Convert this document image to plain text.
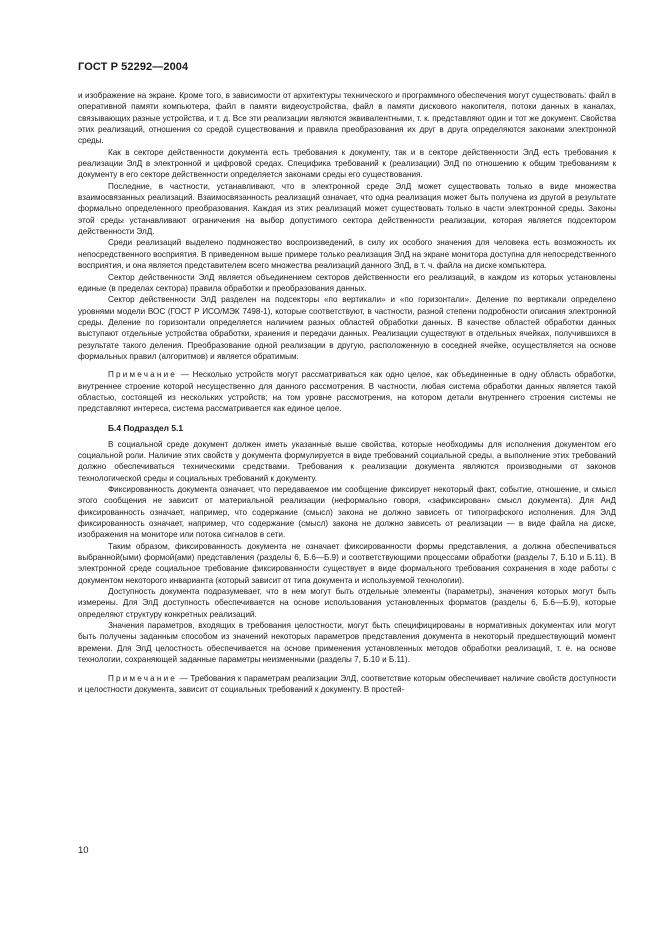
ГОСТ Р 52292—2004

и изображение на экране. Кроме того, в зависимости от архитектуры технического и программного обеспечения могут существовать: файл в оперативной памяти компьютера, файл в памяти видеоустройства, файл в памяти дискового накопителя, потоки данных в каналах, связывающих разные устройства, и т. д. Все эти реализации являются эквивалентными, т. к. представляют один и тот же документ. Свойства этих реализаций, отношения со средой существования и правила преобразования их друг в друга определяются законами электронной среды.

Как в секторе действенности документа есть требования к документу, так и в секторе действенности ЭлД есть требования к реализации ЭлД в электронной и цифровой средах. Специфика требований к (реализации) ЭлД по отношению к общим требованиям к документу в его секторе действенности определяется законами среды его существования.

Последние, в частности, устанавливают, что в электронной среде ЭлД может существовать только в виде множества взаимосвязанных реализаций. Взаимосвязанность реализаций означает, что одна реализация может быть получена из другой в результате формально определенного преобразования. Каждая из этих реализаций может существовать только в части электронной среды. Законы этой среды устанавливают ограничения на выбор допустимого сектора действенности реализации, которая является подсектором действенности ЭлД.

Среди реализаций выделено подмножество воспроизведений, в силу их особого значения для человека есть возможность их непосредственного восприятия. В приведенном выше примере только реализация ЭлД на экране монитора доступна для непосредственного восприятия, и она является представителем всего множества реализаций данного ЭлД, в т. ч. файла на диске компьютера.

Сектор действенности ЭлД является объединением секторов действенности его реализаций, в каждом из которых установлены единые (в пределах сектора) правила обработки и преобразования данных.

Сектор действенности ЭлД разделен на подсекторы «по вертикали» и «по горизонтали». Деление по вертикали определено уровнями модели ВОС (ГОСТ Р ИСО/МЭК 7498-1), которые соответствуют, в частности, разной степени подробности описания электронной среды. Деление по горизонтали определяется наличием разных областей обработки данных. В качестве областей обработки данных выступают отдельные устройства обработки, хранения и передачи данных. Реализации существуют в отдельных ячейках, получившихся в результате такого деления. Преобразование одной реализации в другую, расположенную в соседней ячейке, осуществляется на основе формальных правил (алгоритмов) и является обратимым.

Примечание — Несколько устройств могут рассматриваться как одно целое, как объединенные в одну область обработки, внутреннее строение которой несущественно для данного рассмотрения. В частности, любая система обработки данных является такой областью, состоящей из нескольких устройств; на том уровне рассмотрения, на котором детали внутреннего строения системы не представляют интереса, система рассматривается как единое целое.

Б.4 Подраздел 5.1

В социальной среде документ должен иметь указанные выше свойства, которые необходимы для исполнения документом его социальной роли. Наличие этих свойств у документа формулируется в виде требований социальной среды, а выполнение этих требований должно обеспечиваться техническими средствами. Требования к реализации документа являются производными от законов технологической среды и социальных требований к документу.

Фиксированность документа означает, что передаваемое им сообщение фиксирует некоторый факт, событие, отношение, и смысл этого сообщения не зависит от материальной реализации (неформально говоря, «зафиксирован» смысл документа). Для АнД фиксированность означает, например, что содержание (смысл) закона не должно зависеть от типографского исполнения. Для ЭлД фиксированность означает, например, что содержание (смысл) закона не должно зависеть от реализации — в виде файла на диске, изображения на мониторе или потока сигналов в сети.

Таким образом, фиксированность документа не означает фиксированности формы представления, а должна обеспечиваться выбранной(ыми) формой(ами) представления (разделы 6, Б.6—Б.9) и соответствующими процессами обработки (разделы 7, Б.10 и Б.11). В электронной среде социальное требование фиксированности существует в виде формального требования сохранения в ходе работы с документом некоторого инварианта (который зависит от типа документа и используемой технологии).

Доступность документа подразумевает, что в нем могут быть отдельные элементы (параметры), значения которых могут быть измерены. Для ЭлД доступность обеспечивается на основе использования установленных форматов (разделы 6, Б.6—Б.9), которые определяют структуру конкретных реализаций.

Значения параметров, входящих в требования целостности, могут быть специфицированы в нормативных документах или могут быть получены заданным способом из значений некоторых параметров представления документа в некоторый предшествующий момент времени. Для ЭлД целостность обеспечивается на основе применения установленных методов обработки реализаций, т. е. на основе технологии, сохраняющей заданные параметры неизменными (разделы 7, Б.10 и Б.11).

Примечание — Требования к параметрам реализации ЭлД, соответствие которым обеспечивает наличие свойств доступности и целостности документа, зависит от социальных требований к документу. В простей-

10
